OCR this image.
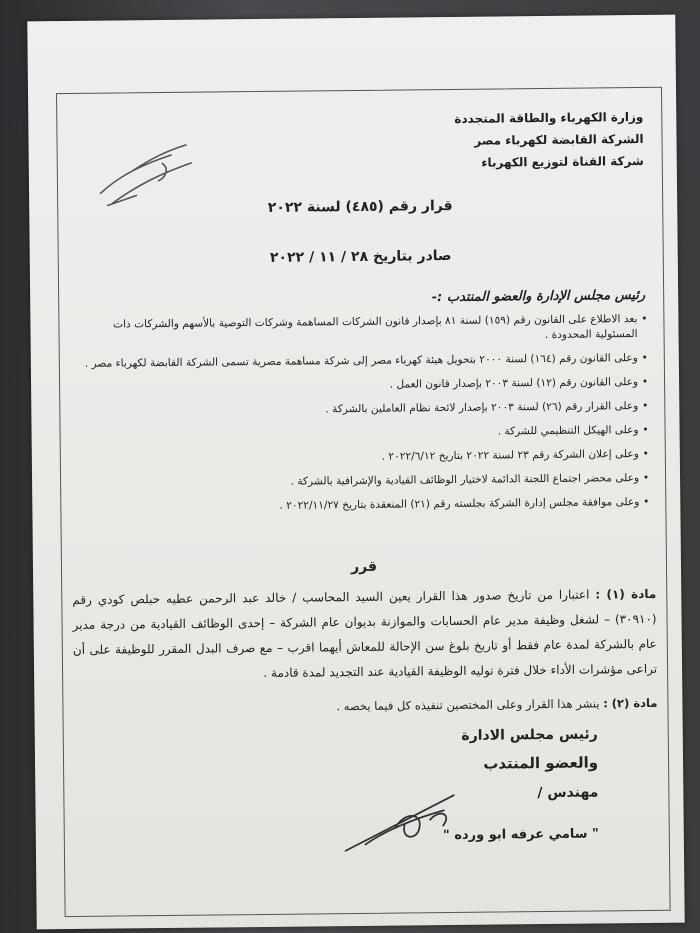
وزارة الكهرباء والطاقة المتجددة
الشركة القابضة لكهرباء مصر
شركة القناة لتوزيع الكهرباء
قرار رقم (٤٨٥) لسنة ٢٠٢٢
صادر بتاريخ ٢٨ / ١١ / ٢٠٢٢
رئيس مجلس الإدارة والعضو المنتدب :-
•
بعد الاطلاع على القانون رقم (١٥٩) لسنة ٨١ بإصدار قانون الشركات المساهمة وشركات التوصية بالأسهم والشركات ذات المسئولية المحدودة .
•
وعلى القانون رقم (١٦٤) لسنة ٢٠٠٠ بتحويل هيئة كهرباء مصر إلى شركة مساهمة مصرية تسمى الشركة القابضة لكهرباء مصر .
•
وعلى القانون رقم (١٢) لسنة ٢٠٠٣ بإصدار قانون العمل .
•
وعلى القرار رقم (٢٦) لسنة ٢٠٠٣ بإصدار لائحة نظام العاملين بالشركة .
•
وعلى الهيكل التنظيمي للشركة .
•
وعلى إعلان الشركة رقم ٢٣ لسنة ٢٠٢٢ بتاريخ ٢٠٢٢/٦/١٢ .
•
وعلى محضر اجتماع اللجنة الدائمة لاختيار الوظائف القيادية والإشرافية بالشركة .
•
وعلى موافقة مجلس إدارة الشركة بجلسته رقم (٢١) المنعقدة بتاريخ ٢٠٢٢/١١/٢٧ .
قرر
مادة (١) : اعتبارا من تاريخ صدور هذا القرار يعين السيد المحاسب / خالد عبد الرحمن عطيه حبلص كودي رقم (٣٠٩١٠) – لشغل وظيفة مدير عام الحسابات والموازنة بديوان عام الشركة – إحدى الوظائف القيادية من درجة مدير عام بالشركة لمدة عام فقط أو تاريخ بلوغ سن الإحالة للمعاش أيهما اقرب – مع صرف البدل المقرر للوظيفة على أن تراعى مؤشرات الأداء خلال فترة توليه الوظيفة القيادية عند التجديد لمدة قادمة .
مادة (٢) : ينشر هذا القرار وعلى المختصين تنفيذه كل فيما يخصه .
رئيس مجلس الادارة
والعضو المنتدب
مهندس /
" سامي عرفه ابو ورده "
